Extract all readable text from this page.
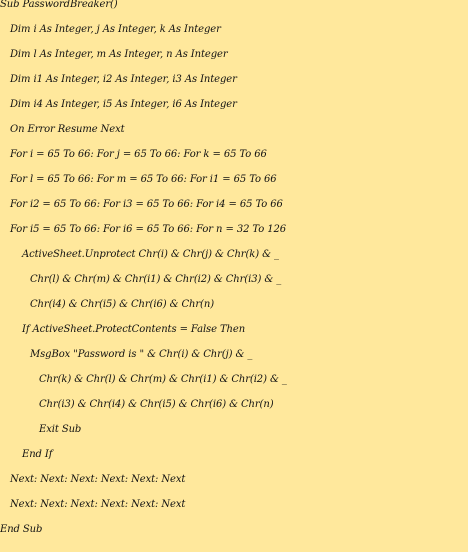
Sub PasswordBreaker()

Dim i As Integer, j As Integer, k As Integer

Dim l As Integer, m As Integer, n As Integer

Dim i1 As Integer, i2 As Integer, i3 As Integer

Dim i4 As Integer, i5 As Integer, i6 As Integer

On Error Resume Next

For i = 65 To 66: For j = 65 To 66: For k = 65 To 66

For l = 65 To 66: For m = 65 To 66: For i1 = 65 To 66

For i2 = 65 To 66: For i3 = 65 To 66: For i4 = 65 To 66

For i5 = 65 To 66: For i6 = 65 To 66: For n = 32 To 126

ActiveSheet.Unprotect Chr(i) & Chr(j) & Chr(k) & _

Chr(l) & Chr(m) & Chr(i1) & Chr(i2) & Chr(i3) & _

Chr(i4) & Chr(i5) & Chr(i6) & Chr(n)

If ActiveSheet.ProtectContents = False Then

MsgBox "Password is " & Chr(i) & Chr(j) & _

Chr(k) & Chr(l) & Chr(m) & Chr(i1) & Chr(i2) & _

Chr(i3) & Chr(i4) & Chr(i5) & Chr(i6) & Chr(n)

Exit Sub

End If

Next: Next: Next: Next: Next: Next

Next: Next: Next: Next: Next: Next

End Sub
